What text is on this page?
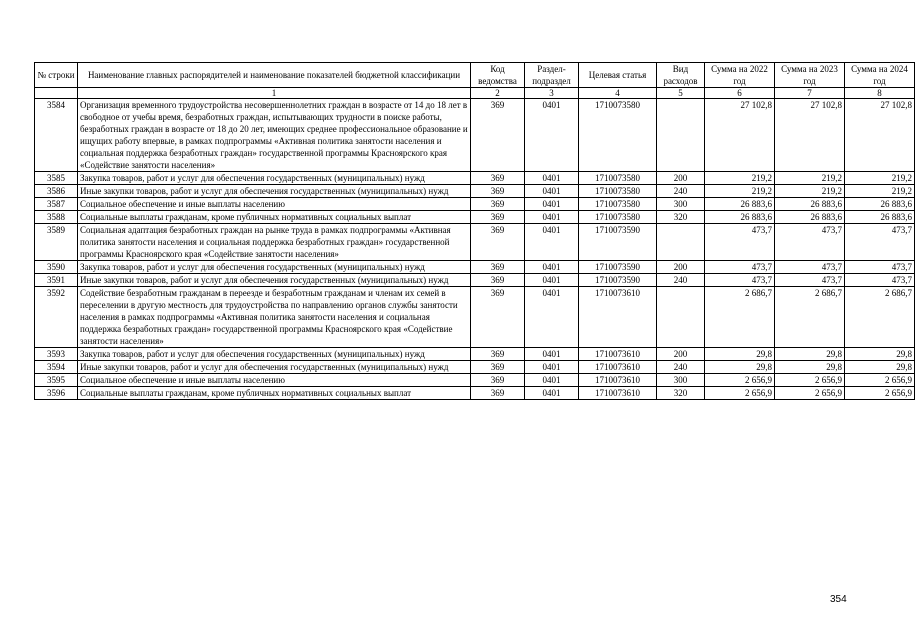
№ строки	Наименование главных распорядителей и наименование показателей бюджетной классификации	Код ведомства	Раздел-подраздел	Целевая статья	Вид расходов	Сумма на 2022 год	Сумма на 2023 год	Сумма на 2024 год
	1	2	3	4	5	6	7	8
3584	Организация временного трудоустройства несовершеннолетних граждан в возрасте от 14 до 18 лет в свободное от учебы время, безработных граждан, испытывающих трудности в поиске работы, безработных граждан в возрасте от 18 до 20 лет, имеющих среднее профессиональное образование и ищущих работу впервые, в рамках подпрограммы «Активная политика занятости населения и социальная поддержка безработных граждан» государственной программы Красноярского края «Содействие занятости населения»	369	0401	1710073580		27 102,8	27 102,8	27 102,8
3585	Закупка товаров, работ и услуг для обеспечения государственных (муниципальных) нужд	369	0401	1710073580	200	219,2	219,2	219,2
3586	Иные закупки товаров, работ и услуг для обеспечения государственных (муниципальных) нужд	369	0401	1710073580	240	219,2	219,2	219,2
3587	Социальное обеспечение и иные выплаты населению	369	0401	1710073580	300	26 883,6	26 883,6	26 883,6
3588	Социальные выплаты гражданам, кроме публичных нормативных социальных выплат	369	0401	1710073580	320	26 883,6	26 883,6	26 883,6
3589	Социальная адаптация безработных граждан на рынке труда в рамках подпрограммы «Активная политика занятости населения и социальная поддержка безработных граждан» государственной программы Красноярского края «Содействие занятости населения»	369	0401	1710073590		473,7	473,7	473,7
3590	Закупка товаров, работ и услуг для обеспечения государственных (муниципальных) нужд	369	0401	1710073590	200	473,7	473,7	473,7
3591	Иные закупки товаров, работ и услуг для обеспечения государственных (муниципальных) нужд	369	0401	1710073590	240	473,7	473,7	473,7
3592	Содействие безработным гражданам в переезде и безработным гражданам и членам их семей в переселении в другую местность для трудоустройства по направлению органов службы занятости населения в рамках подпрограммы «Активная политика занятости населения и социальная поддержка безработных граждан» государственной программы Красноярского края «Содействие занятости населения»	369	0401	1710073610		2 686,7	2 686,7	2 686,7
3593	Закупка товаров, работ и услуг для обеспечения государственных (муниципальных) нужд	369	0401	1710073610	200	29,8	29,8	29,8
3594	Иные закупки товаров, работ и услуг для обеспечения государственных (муниципальных) нужд	369	0401	1710073610	240	29,8	29,8	29,8
3595	Социальное обеспечение и иные выплаты населению	369	0401	1710073610	300	2 656,9	2 656,9	2 656,9
3596	Социальные выплаты гражданам, кроме публичных нормативных социальных выплат	369	0401	1710073610	320	2 656,9	2 656,9	2 656,9
354
